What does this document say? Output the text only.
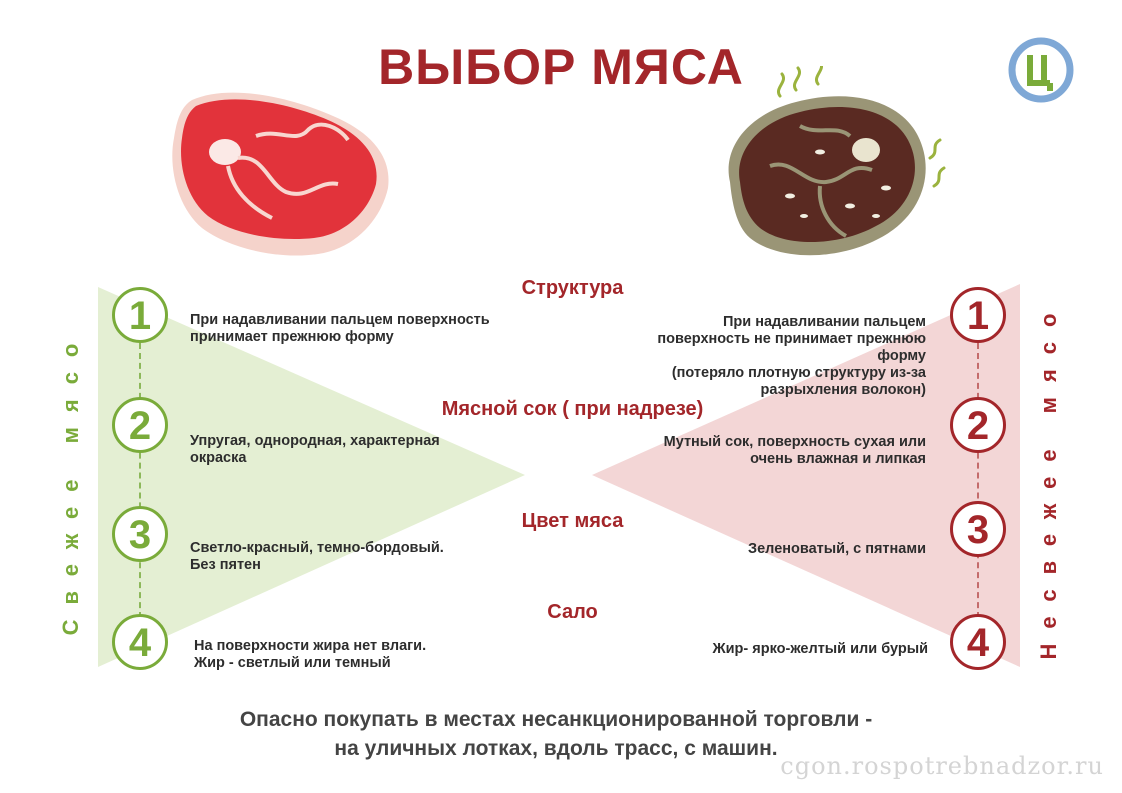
ВЫБОР МЯСА
1
2
3
4
1
2
3
4
Свежее мясо	Несвежее мясо
Структура
Мясной сок ( при надрезе)
Цвет мяса
Сало
При надавливании пальцем поверхность
принимает прежнюю форму
Упругая, однородная, характерная
окраска
Светло-красный, темно-бордовый.
Без пятен
На поверхности жира нет влаги.
Жир - светлый или темный
При надавливании пальцем
поверхность не принимает прежнюю
форму
(потеряло плотную структуру из-за
разрыхления волокон)
Мутный сок, поверхность сухая или
очень влажная и липкая
Зеленоватый, с пятнами
Жир- ярко-желтый или бурый
Опасно покупать в местах несанкционированной торговли -
на уличных лотках, вдоль трасс, с машин.
cgon.rospotrebnadzor.ru
